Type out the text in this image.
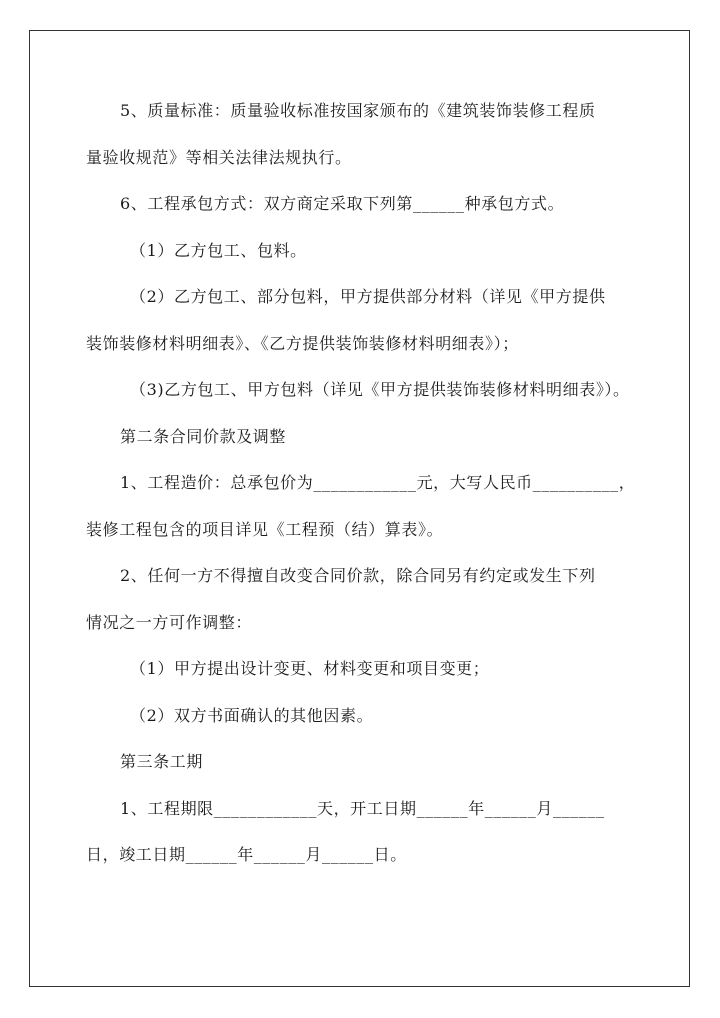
5、质量标准：质量验收标准按国家颁布的《建筑装饰装修工程质
量验收规范》等相关法律法规执行。
6、工程承包方式：双方商定采取下列第______种承包方式。
（1）乙方包工、包料。
（2）乙方包工、部分包料，甲方提供部分材料（详见《甲方提供
装饰装修材料明细表》、《乙方提供装饰装修材料明细表》）；
（3)乙方包工、甲方包料（详见《甲方提供装饰装修材料明细表》）。
第二条合同价款及调整
1、工程造价：总承包价为____________元，大写人民币__________，
装修工程包含的项目详见《工程预（结）算表》。
2、任何一方不得擅自改变合同价款，除合同另有约定或发生下列
情况之一方可作调整：
（1）甲方提出设计变更、材料变更和项目变更；
（2）双方书面确认的其他因素。
第三条工期
1、工程期限____________天，开工日期______年______月______
日，竣工日期______年______月______日。
